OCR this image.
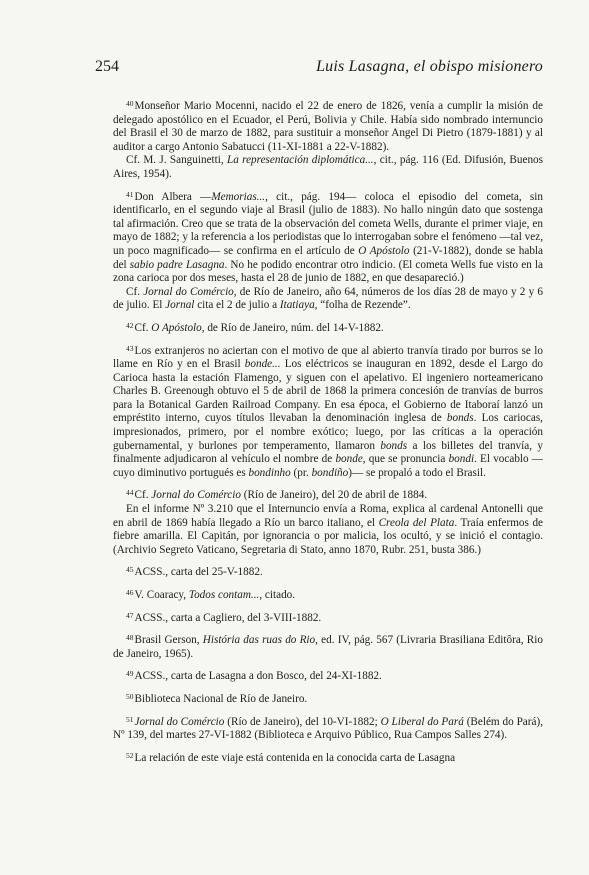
254	Luis Lasagna, el obispo misionero

$^{40}$Monseñor Mario Mocenni, nacido el 22 de enero de 1826, venía a cumplir la misión de delegado apostólico en el Ecuador, el Perú, Bolivia y Chile. Había sido nombrado internuncio del Brasil el 30 de marzo de 1882, para sustituir a monseñor Angel Di Pietro (1879-1881) y al auditor a cargo Antonio Sabatucci (11-XI-1881 a 22-V-1882).

Cf. M. J. Sanguinetti, La representación diplomática..., cit., pág. 116 (Ed. Difusión, Buenos Aires, 1954).

$^{41}$Don Albera —Memorias..., cit., pág. 194— coloca el episodio del cometa, sin identificarlo, en el segundo viaje al Brasil (julio de 1883). No hallo ningún dato que sostenga tal afirmación. Creo que se trata de la observación del cometa Wells, durante el primer viaje, en mayo de 1882; y la referencia a los periodistas que lo interrogaban sobre el fenómeno —tal vez, un poco magnificado— se confirma en el artículo de O Apóstolo (21-V-1882), donde se habla del sabio padre Lasagna. No he podido encontrar otro indicio. (El cometa Wells fue visto en la zona carioca por dos meses, hasta el 28 de junio de 1882, en que desapareció.)

Cf. Jornal do Comércio, de Río de Janeiro, año 64, números de los días 28 de mayo y 2 y 6 de julio. El Jornal cita el 2 de julio a Itatiaya, “folha de Rezende”.

$^{42}$Cf. O Apóstolo, de Río de Janeiro, núm. del 14-V-1882.

$^{43}$Los extranjeros no aciertan con el motivo de que al abierto tranvía tirado por burros se lo llame en Río y en el Brasil bonde... Los eléctricos se inauguran en 1892, desde el Largo do Carioca hasta la estación Flamengo, y siguen con el apelativo. El ingeniero norteamericano Charles B. Greenough obtuvo el 5 de abril de 1868 la primera concesión de tranvías de burros para la Botanical Garden Railroad Company. En esa época, el Gobierno de Itaboraí lanzó un empréstito interno, cuyos títulos llevaban la denominación inglesa de bonds. Los cariocas, impresionados, primero, por el nombre exótico; luego, por las críticas a la operación gubernamental, y burlones por temperamento, llamaron bonds a los billetes del tranvía, y finalmente adjudicaron al vehículo el nombre de bonde, que se pronuncia bondi. El vocablo —cuyo diminutivo portugués es bondinho (pr. bondiño)— se propaló a todo el Brasil.

$^{44}$Cf. Jornal do Comércio (Río de Janeiro), del 20 de abril de 1884.

En el informe Nº 3.210 que el Internuncio envía a Roma, explica al cardenal Antonelli que en abril de 1869 había llegado a Río un barco italiano, el Creola del Plata. Traía enfermos de fiebre amarilla. El Capitán, por ignorancia o por malicia, los ocultó, y se inició el contagio. (Archivio Segreto Vaticano, Segretaria di Stato, anno 1870, Rubr. 251, busta 386.)

$^{45}$ACSS., carta del 25-V-1882.

$^{46}$V. Coaracy, Todos contam..., citado.

$^{47}$ACSS., carta a Cagliero, del 3-VIII-1882.

$^{48}$Brasil Gerson, História das ruas do Rio, ed. IV, pág. 567 (Livraria Brasiliana Editôra, Rio de Janeiro, 1965).

$^{49}$ACSS., carta de Lasagna a don Bosco, del 24-XI-1882.

$^{50}$Biblioteca Nacional de Río de Janeiro.

$^{51}$Jornal do Comércio (Río de Janeiro), del 10-VI-1882; O Liberal do Pará (Belém do Pará), Nº 139, del martes 27-VI-1882 (Biblioteca e Arquivo Público, Rua Campos Salles 274).

$^{52}$La relación de este viaje está contenida en la conocida carta de Lasagna
